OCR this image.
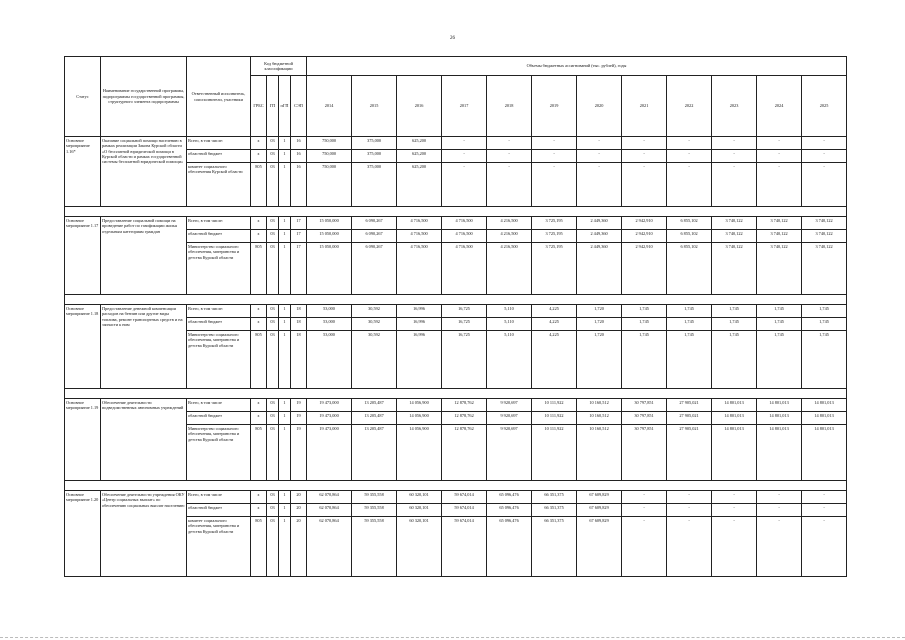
26
Статус	Наименование государственной программы, подпрограммы государственной программы, структурного элемента подпрограммы	Ответственный исполнитель, соисполнители, участники	Код бюджетной классификации				Объемы бюджетных ассигнований (тыс. рублей), годы											
			ГРБС	ГП	пГП	СЭП	2014	2015	2016	2017	2018	2019	2020	2021	2022	2023	2024	2025
Основное мероприятие 1.16*	Оказание социальной помощи населению в рамках реализации Закона Курской области «О бесплатной юридической помощи в Курской области и рамках государственной системы бесплатной юридической помощи»	Всего, в том числе:	х	03	1	16	750,000	375,000	625,200	-	-	-	-	-	-	-	-	-
		областной бюджет	х	03	1	16	750,000	375,000	625,200	-	-	-	-	-	-	-	-	-
		комитет социального обеспечения Курской области	805	03	1	16	750,000	375,000	625,200	-	-	-	-	-	-	-	-	-

Основное мероприятие 1.17	Предоставление социальной помощи на проведение работ по газификации жилья отдельным категориям граждан	Всего, в том числе:	х	03	1	17	15 050,000	6 090,267	4 716,500	4 716,500	4 216,500	3 725,195	2 449,360	2 942,910	6 855,102	3 740,122	3 740,122	3 740,122
		областной бюджет	х	03	1	17	15 050,000	6 090,267	4 716,500	4 716,500	4 216,500	3 725,195	2 449,360	2 942,910	6 855,102	3 740,122	3 740,122	3 740,122
		Министерство социального обеспечения, материнства и детства Курской области	805	03	1	17	15 050,000	6 090,267	4 716,500	4 716,500	4 216,500	3 725,195	2 449,360	2 942,910	6 855,102	3 740,122	3 740,122	3 740,122

Основное мероприятие 1.18	Предоставление денежной компенсации расходов на бензин или другие виды топлива, ремонт транспортных средств и на запчасти к ним	Всего, в том числе:	х	03	1	18	53,000	30,592	16,996	16,725	5,110	4,225	1,720	1,745	1,745	1,745	1,745	1,745
		областной бюджет	х	03	1	18	53,000	30,592	16,996	16,725	5,110	4,225	1,720	1,745	1,745	1,745	1,745	1,745
		Министерство социального обеспечения, материнства и детства Курской области	805	03	1	18	53,000	30,592	16,996	16,725	5,110	4,225	1,720	1,745	1,745	1,745	1,745	1,745

Основное мероприятие 1.19	Обеспечение деятельности подведомственных автономных учреждений	Всего, в том числе	х	03	1	19	19 473,000	13 205,487	14 056,900	12 878,762	9 920,697	10 111,922	10 160,512	30 797,851	27 905,021	14 801,013	14 801,013	14 801,013
		областной бюджет	х	03	1	19	19 473,000	13 205,487	14 056,900	12 878,762	9 920,697	10 111,922	10 160,512	30 797,851	27 905,021	14 801,013	14 801,013	14 801,013
		Министерство социального обеспечения, материнства и детства Курской области	805	03	1	19	19 473,000	13 205,487	14 056,900	12 878,762	9 920,697	10 111,922	10 160,512	30 797,851	27 905,021	14 801,013	14 801,013	14 801,013

Основное мероприятие 1.20	Обеспечение деятельности учреждения ОКУ «Центр социальных выплат» по обеспечению социальных выплат населению	Всего, в том числе	х	03	1	20	62 070,864	59 355,558	60 320,101	59 674,014	65 096,476	66 351,375	67 609,829	-	-	-	-	-
		областной бюджет	х	03	1	20	62 070,864	59 355,558	60 320,101	59 674,014	65 096,476	66 351,375	67 609,829	-	-	-	-	-
		комитет социального обеспечения, материнства и детства Курской области	805	03	1	20	62 070,864	59 355,558	60 320,101	59 674,014	65 096,476	66 351,375	67 609,829	-	-	-	-	-
